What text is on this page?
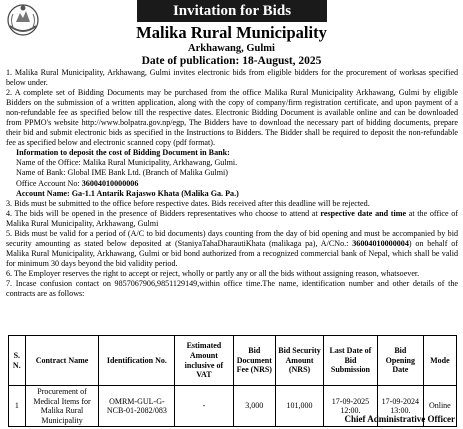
Invitation for Bids
Malika Rural Municipality
Arkhawang, Gulmi
Date of publication: 18-August, 2025

1. Malika Rural Municipality, Arkhawang, Gulmi invites electronic bids from eligible bidders for the procurement of worksas specified below under.

2. A complete set of Bidding Documents may be purchased from the office Malika Rural Municipality Arkhawang, Gulmi by eligible Bidders on the submission of a written application, along with the copy of company/firm registration certificate, and upon payment of a non-refundable fee as specified below till the respective dates. Electronic Bidding Document is available online and can be downloaded from PPMO's website http://www.bolpatra.gov.np/egp, The Bidders have to download the necessary part of bidding documents, prepare their bid and submit electronic bids as specified in the Instructions to Bidders. The Bidder shall be required to deposit the non-refundable fee as specified below and electronic scanned copy (pdf format).

Information to deposit the cost of Bidding Document in Bank:

Name of the Office: Malika Rural Municipality, Arkhawang, Gulmi.

Name of Bank: Global IME Bank Ltd. (Branch of Malika Gulmi)

Office Account No: 36004010000006

Account Name: Ga-1.1 Antarik Rajaswo Khata (Malika Ga. Pa.)

3. Bids must be submitted to the office before respective dates. Bids received after this deadline will be rejected.

4. The bids will be opened in the presence of Bidders representatives who choose to attend at respective date and time at the office of Malika Rural Municipality, Arkhawang, Gulmi

5. Bids must be valid for a period of (A/C to bid documents) days counting from the day of bid opening and must be accompanied by bid security amounting as stated below deposited at (StaniyaTahaDharautiKhata (malikaga pa), A/CNo.: 36004010000004) on behalf of Malika Rural Municipality, Arkhawang, Gulmi or bid bond authorized from a recognized commercial bank of Nepal, which shall be valid for minimum 30 days beyond the bid validity period.

6. The Employer reserves the right to accept or reject, wholly or partly any or all the bids without assigning reason, whatsoever.

7. Incase confusion contact on 9857067906,9851129149,within office time.The name, identification number and other details of the contracts are as follows:

S. N.	Contract Name	Identification No.	Estimated Amount inclusive of VAT	Bid Document Fee (NRS)	Bid Security Amount (NRS)	Last Date of Bid Submission	Bid Opening Date	Mode
1	Procurement of Medical Items for Malika Rural Municipality	OMRM-GUL-G-NCB-01-2082/083	-	3,000	101,000	17-09-2025 12:00.	17-09-2024 13:00.	Online
Chief Administrative Officer
